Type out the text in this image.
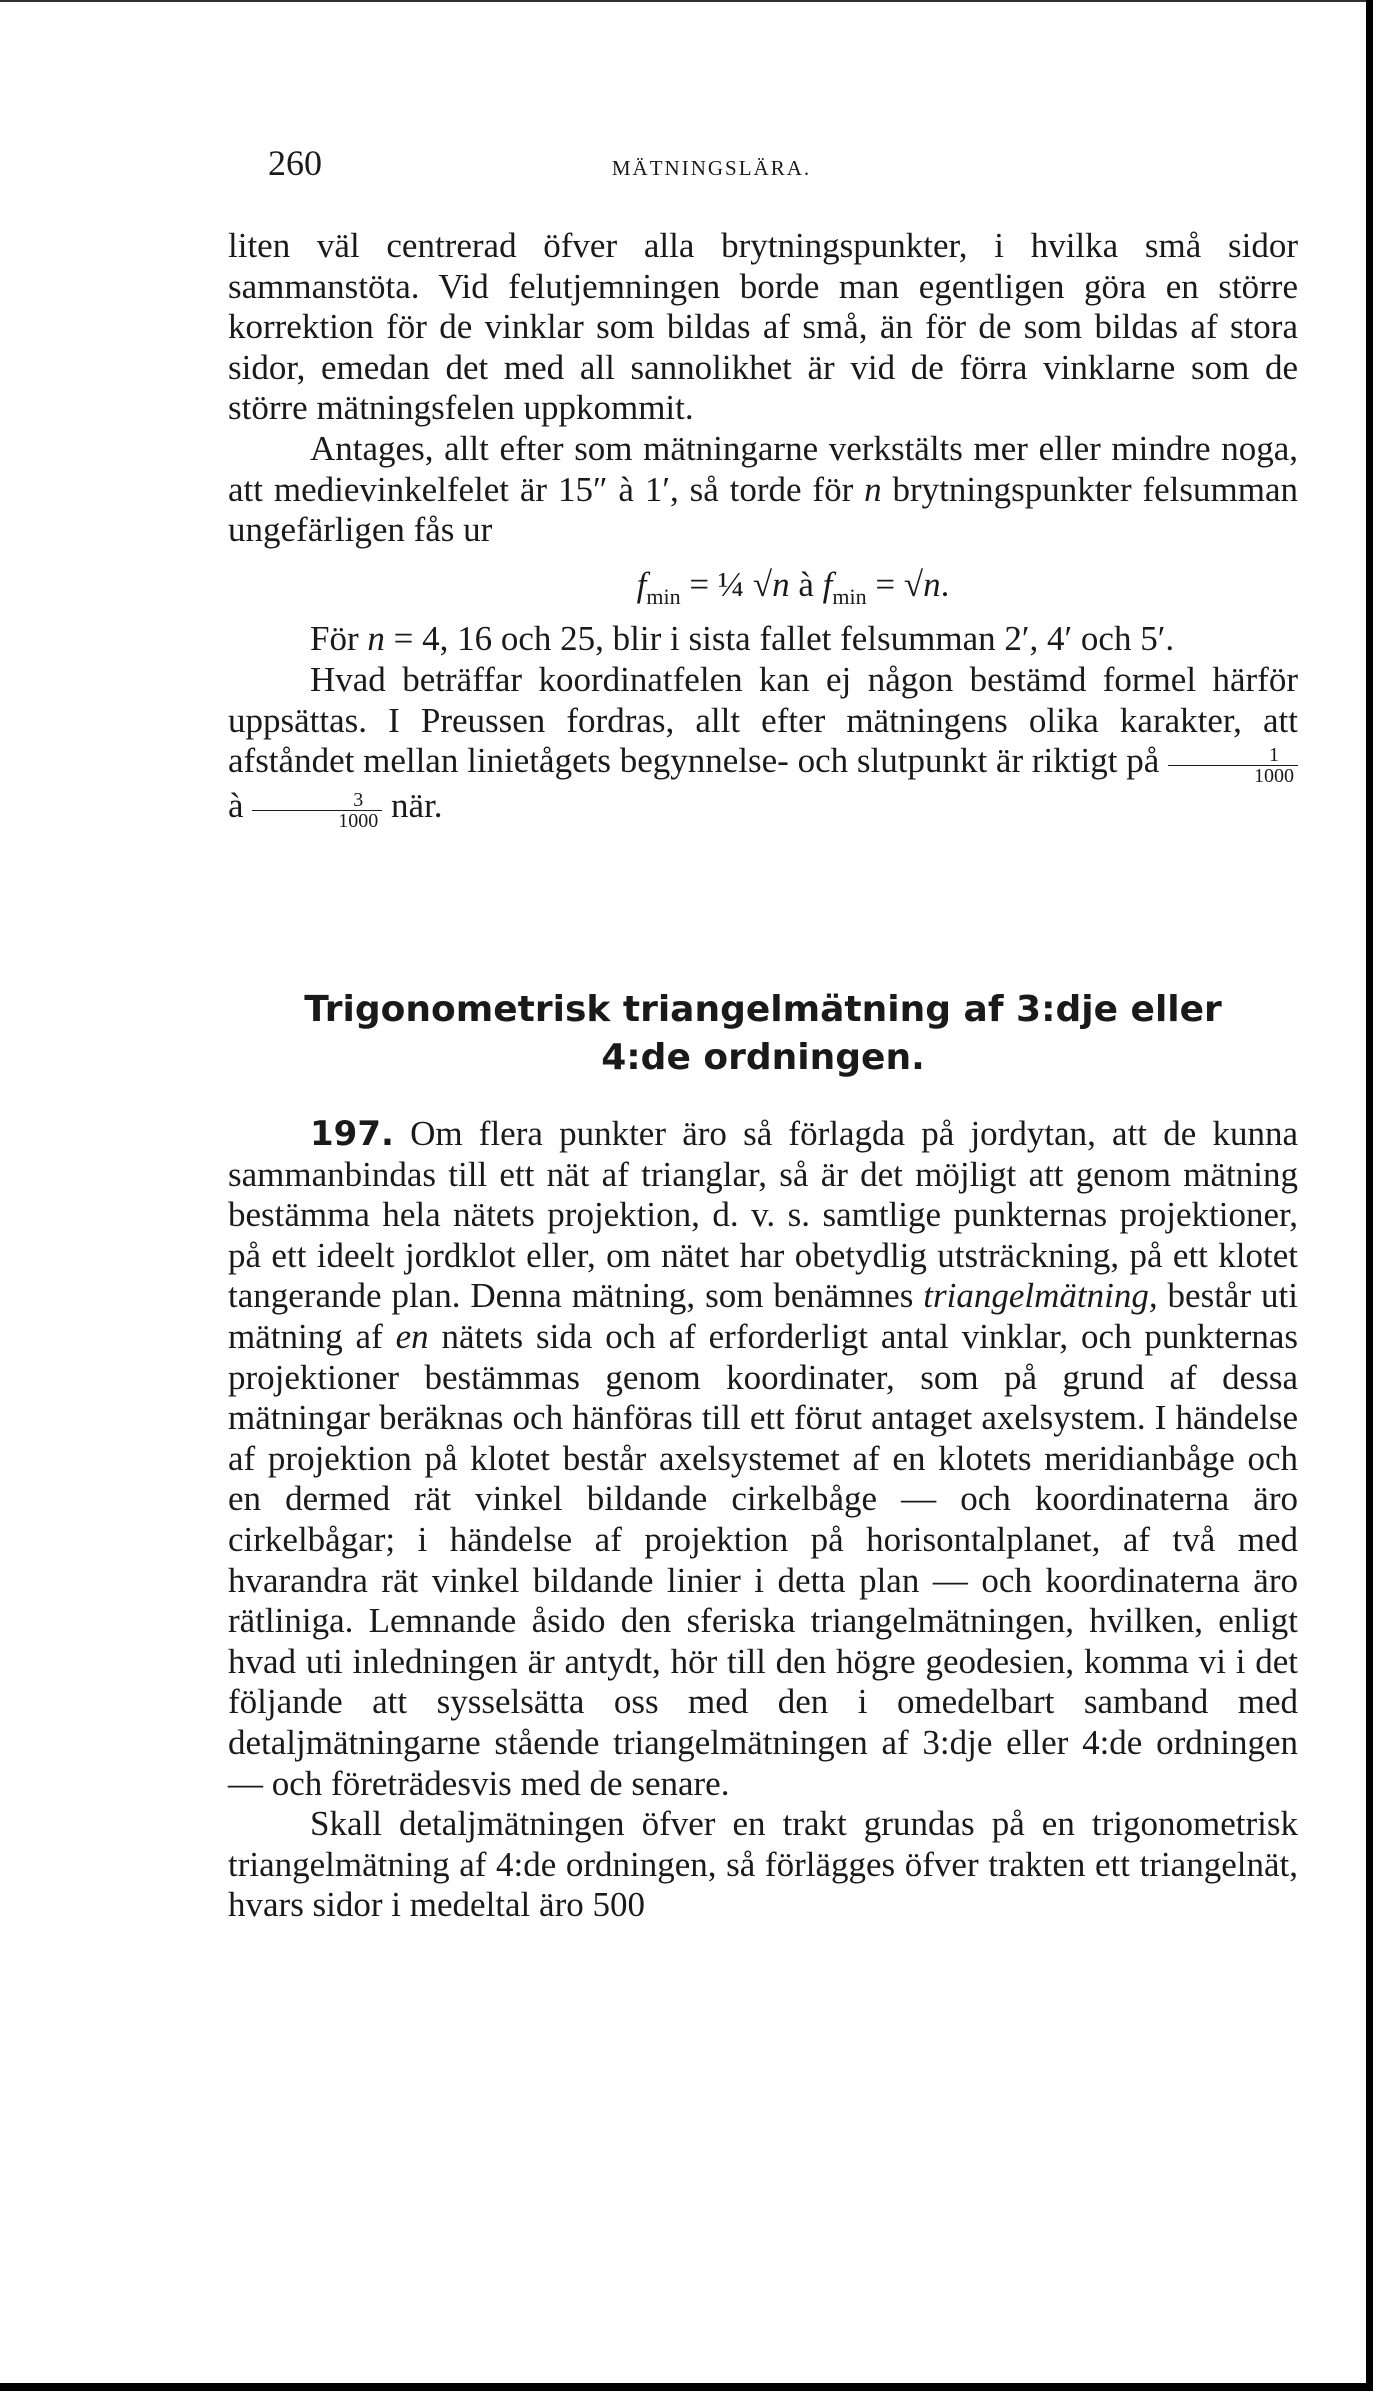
260	MÄTNINGSLÄRA.

liten väl centrerad öfver alla brytningspunkter, i hvilka små sidor sammanstöta. Vid felutjemningen borde man egentligen göra en större korrektion för de vinklar som bildas af små, än för de som bildas af stora sidor, emedan det med all sannolikhet är vid de förra vinklarne som de större mätningsfelen uppkommit.

Antages, allt efter som mätningarne verkstälts mer eller mindre noga, att medievinkelfelet är 15″ à 1′, så torde för n brytningspunkter felsumman ungefärligen fås ur

$f_{min}$ = ¼ √n à $f_{min} = √n$.

För n = 4, 16 och 25, blir i sista fallet felsumman 2′, 4′ och 5′.

Hvad beträffar koordinatfelen kan ej någon bestämd formel härför uppsättas. I Preussen fordras, allt efter mätningens olika karakter, att afståndet mellan linietågets begynnelse- och slutpunkt är riktigt på $\frac{1}{1000}$
à $\frac{3}{1000}$ när.

Trigonometrisk triangelmätning af 3:dje eller
4:de ordningen.

197. Om flera punkter äro så förlagda på jordytan, att de kunna sammanbindas till ett nät af trianglar, så är det möjligt att genom mätning bestämma hela nätets projektion, d. v. s. samtlige punkternas projektioner, på ett ideelt jordklot eller, om nätet har obetydlig utsträckning, på ett klotet tangerande plan. Denna mätning, som benämnes triangelmätning, består uti mätning af en nätets sida och af erforderligt antal vinklar, och punkternas projektioner bestämmas genom koordinater, som på grund af dessa mätningar beräknas och hänföras till ett förut antaget axelsystem. I händelse af projektion på klotet består axelsystemet af en klotets meridianbåge och en dermed rät vinkel bildande cirkelbåge — och koordinaterna äro cirkelbågar; i händelse af projektion på horisontalplanet, af två med hvarandra rät vinkel bildande linier i detta plan — och koordinaterna äro rätliniga. Lemnande åsido den sferiska triangelmätningen, hvilken, enligt hvad uti inledningen är antydt, hör till den högre geodesien, komma vi i det följande att sysselsätta oss med den i omedelbart samband med detaljmätningarne stående triangelmätningen af 3:dje eller 4:de ordningen — och företrädesvis med de senare.

Skall detaljmätningen öfver en trakt grundas på en trigonometrisk triangelmätning af 4:de ordningen, så förlägges öfver trakten ett triangelnät, hvars sidor i medeltal äro 500
